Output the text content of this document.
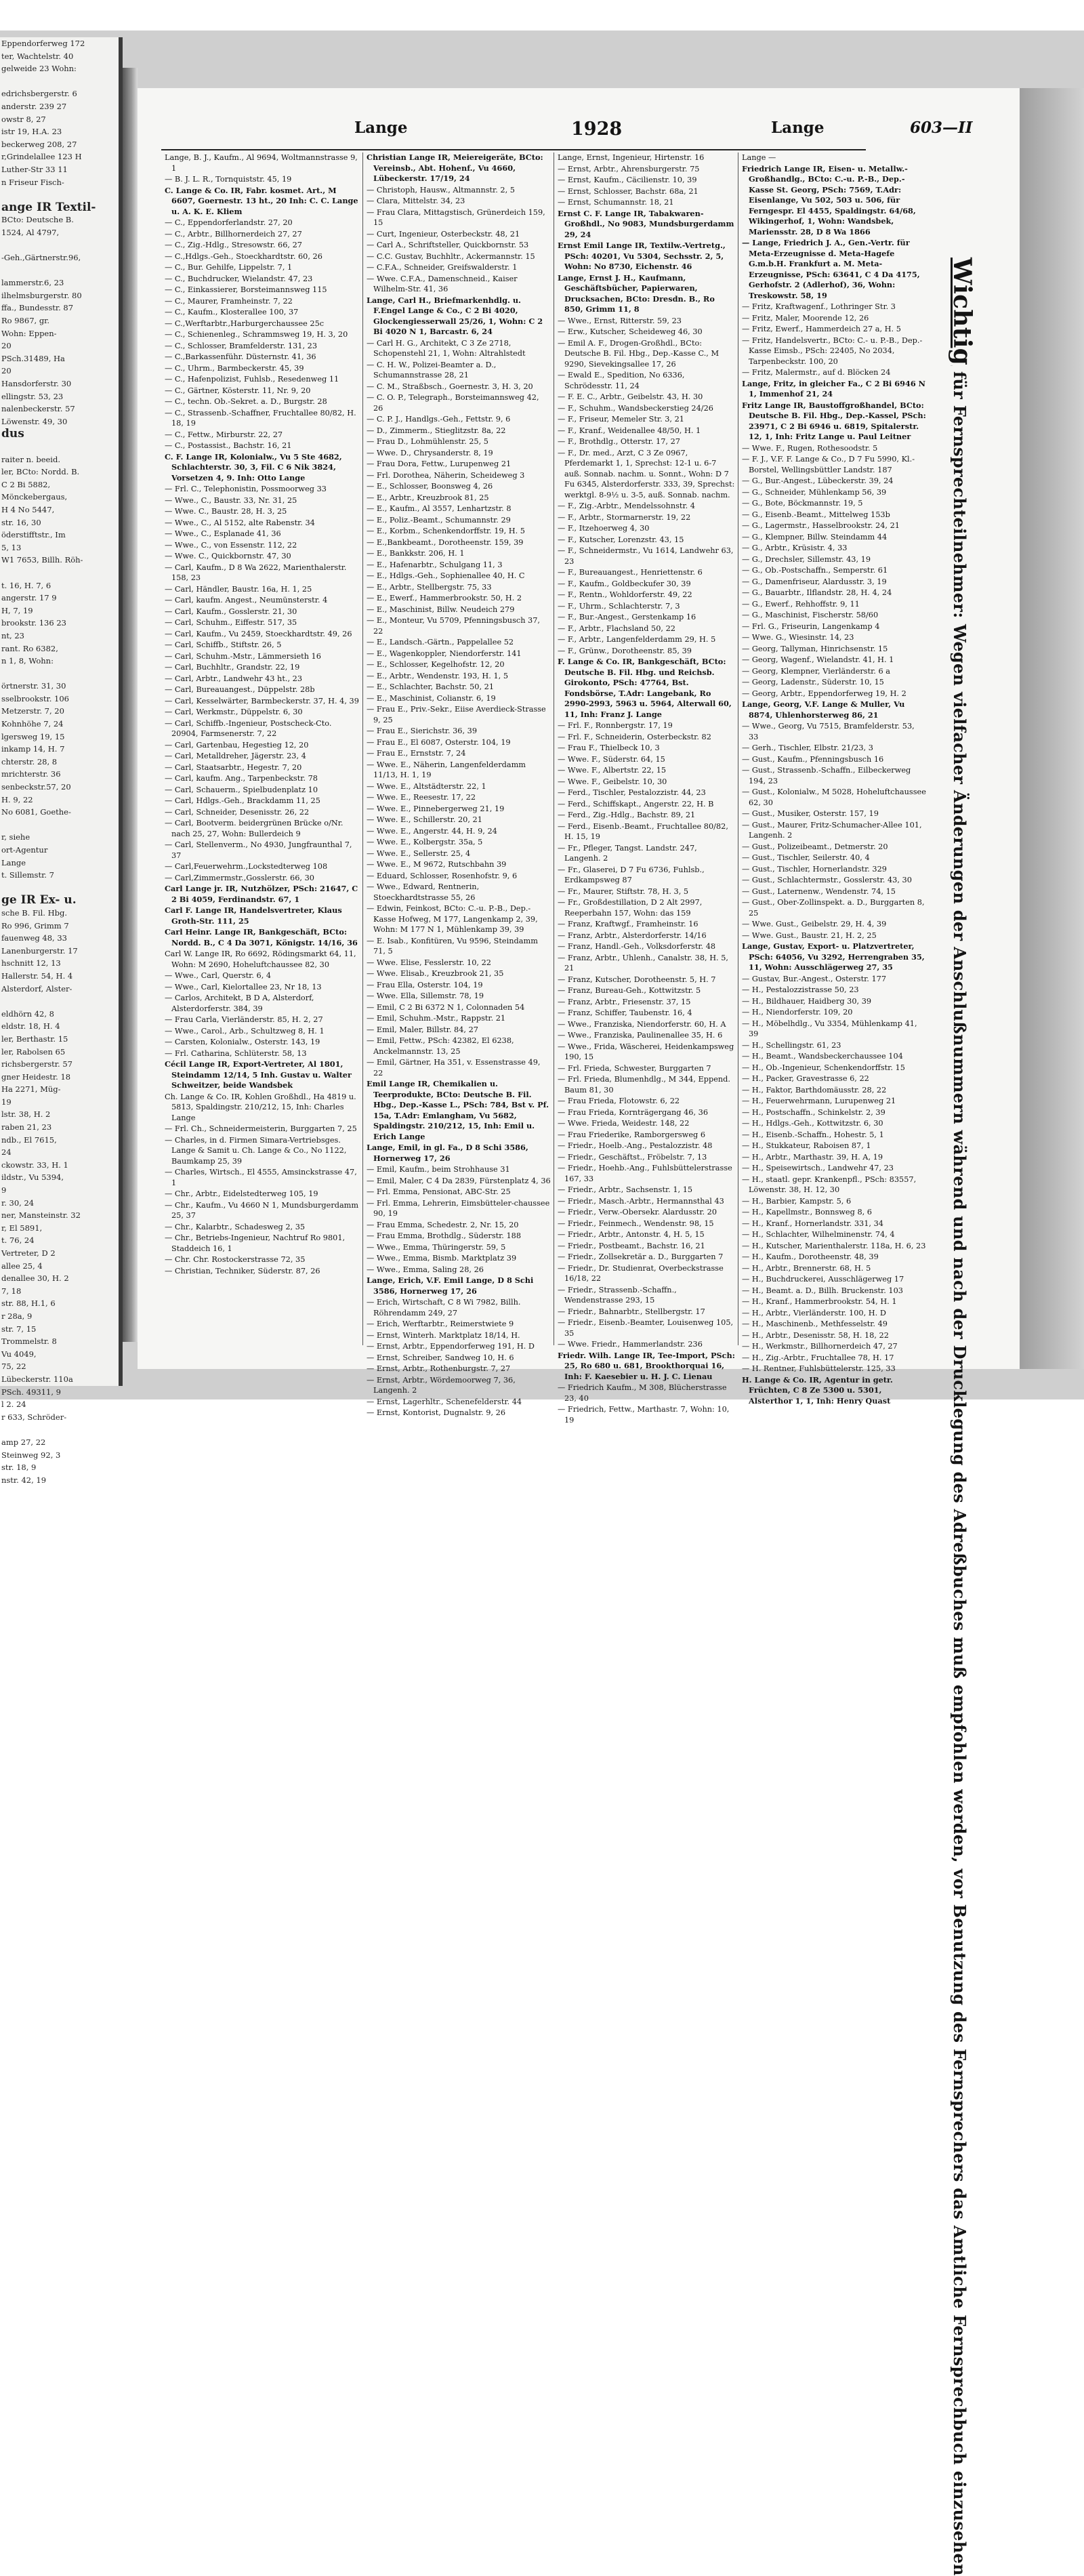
Eppendorferweg 172
ter, Wachtelstr. 40
gelweide 23 Wohn:

edrichsbergerstr. 6
anderstr. 239 27
owstr 8, 27
istr 19, H.A. 23
beckerweg 208, 27
r,Grindelallee 123 H
Luther-Str 33 11
n Friseur Fisch-

ange IR Textil-
BCto: Deutsche B.
1524, Al 4797,

-Geh.,Gärtnerstr.96,

lammerstr.6, 23
ilhelmsburgerstr. 80
ffa., Bundesstr. 87
Ro 9867, gr.
Wohn: Eppen-
20
PSch.31489, Ha
20
Hansdorferstr. 30
ellingstr. 53, 23
nalenbeckerstr. 57
Löwenstr. 49, 30
dus

raiter n. beeid.
ler, BCto: Nordd. B.
C 2 Bi 5882,
Mönckebergaus,
H 4 No 5447,
str. 16, 30
öderstifftstr., Im
5, 13
W1 7653, Billh. Röh-

t. 16, H. 7, 6
angerstr. 17 9
H, 7, 19
brookstr. 136 23
nt, 23
rant. Ro 6382,
n 1, 8, Wohn:

örtnerstr. 31, 30
sselbrookstr. 106
Metzerstr. 7, 20
Kohnhöhe 7, 24
lgersweg 19, 15
inkamp 14, H. 7
chterstr. 28, 8
mrichterstr. 36
senbeckstr.57, 20
H. 9, 22
No 6081, Goethe-

r, siehe
ort-Agentur
Lange
t. Sillemstr. 7

ge IR Ex- u.
sche B. Fil. Hbg.
Ro 996, Grimm 7
fauenweg 48, 33
Lanenburgerstr. 17
hschnitt 12, 13
Hallerstr. 54, H. 4
Alsterdorf, Alster-

eldhörn 42, 8
eldstr. 18, H. 4
ler, Berthastr. 15
ler, Rabolsen 65
richsbergerstr. 57
gner Heidestr. 18
Ha 2271, Müg-
19
lstr. 38, H. 2
raben 21, 23
ndb., El 7615,
24
ckowstr. 33, H. 1
ildstr., Vu 5394,
9
r. 30, 24
ner, Mansteinstr. 32
r, El 5891,
t. 76, 24
Vertreter, D 2
allee 25, 4
denallee 30, H. 2
7, 18
str. 88, H.1, 6
r 28a, 9
str. 7, 15
Trommelstr. 8
Vu 4049,
75, 22
Lübeckerstr. 110a
PSch. 49311, 9
l 2. 24
r 633, Schröder-

amp 27, 22
Steinweg 92, 3
str. 18, 9
nstr. 42, 19
Lange	1928	Lange	603—II
Lange, B. J., Kaufm., Al 9694, Woltmannstrasse 9, 1
— B. J. L. R., Tornquiststr. 45, 19
C. Lange & Co. IR, Fabr. kosmet. Art., M 6607, Goernestr. 13 ht., 20 Inh: C. C. Lange u. A. K. E. Kliem
— C., Eppendorferlandstr. 27, 20
— C., Arbtr., Billhornerdeich 27, 27
— C., Zig.-Hdlg., Stresowstr. 66, 27
— C.,Hdlgs.-Geh., Stoeckhardtstr. 60, 26
— C., Bur. Gehilfe, Lippelstr. 7, 1
— C., Buchdrucker, Wielandstr. 47, 23
— C., Einkassierer, Borsteimannsweg 115
— C., Maurer, Framheinstr. 7, 22
— C., Kaufm., Klosterallee 100, 37
— C.,Werftarbtr.,Harburgerchaussee 25c
— C., Schienenleg., Schrammsweg 19, H. 3, 20
— C., Schlosser, Bramfelderstr. 131, 23
— C.,Barkassenführ. Düsternstr. 41, 36
— C., Uhrm., Barmbeckerstr. 45, 39
— C., Hafenpolizist, Fuhlsb., Resedenweg 11
— C., Gärtner, Kösterstr. 11, Nr. 9, 20
— C., techn. Ob.-Sekret. a. D., Burgstr. 28
— C., Strassenb.-Schaffner, Fruchtallee 80/82, H. 18, 19
— C., Fettw., Mirburstr. 22, 27
— C., Postassist., Bachstr. 16, 21
C. F. Lange IR, Kolonialw., Vu 5 Ste 4682, Schlachterstr. 30, 3, Fil. C 6 Nik 3824, Vorsetzen 4, 9. Inh: Otto Lange
— Frl. C., Telephonistin, Possmoorweg 33
— Wwe., C., Baustr. 33, Nr. 31, 25
— Wwe. C., Baustr. 28, H. 3, 25
— Wwe., C., Al 5152, alte Rabenstr. 34
— Wwe., C., Esplanade 41, 36
— Wwe., C., von Essenstr. 112, 22
— Wwe. C., Quickbornstr. 47, 30
— Carl, Kaufm., D 8 Wa 2622, Marienthalerstr. 158, 23
— Carl, Händler, Baustr. 16a, H. 1, 25
— Carl, kaufm. Angest., Neumünsterstr. 4
— Carl, Kaufm., Gosslerstr. 21, 30
— Carl, Schuhm., Eiffestr. 517, 35
— Carl, Kaufm., Vu 2459, Stoeckhardtstr. 49, 26
— Carl, Schiffb., Stiftstr. 26, 5
— Carl, Schuhm.-Mstr., Lämmersieth 16
— Carl, Buchhltr., Grandstr. 22, 19
— Carl, Arbtr., Landwehr 43 ht., 23
— Carl, Bureauangest., Düppelstr. 28b
— Carl, Kesselwärter, Barmbeckerstr. 37, H. 4, 39
— Carl, Werkmstr., Düppelstr. 6, 30
— Carl, Schiffb.-Ingenieur, Postscheck-Cto. 20904, Farmsenerstr. 7, 22
— Carl, Gartenbau, Hegestieg 12, 20
— Carl, Metalldreher, Jägerstr. 23, 4
— Carl, Staatsarbtr., Hegestr. 7, 20
— Carl, kaufm. Ang., Tarpenbeckstr. 78
— Carl, Schauerm., Spielbudenplatz 10
— Carl, Hdlgs.-Geh., Brackdamm 11, 25
— Carl, Schneider, Desenisstr. 26, 22
— Carl, Bootverm. beidergrünen Brücke o/Nr. nach 25, 27, Wohn: Bullerdeich 9
— Carl, Stellenverm., No 4930, Jungfraunthal 7, 37
— Carl,Feuerwehrm.,Lockstedterweg 108
— Carl,Zimmermstr.,Gosslerstr. 66, 30
Carl Lange jr. IR, Nutzhölzer, PSch: 21647, C 2 Bi 4059, Ferdinandstr. 67, 1
Carl F. Lange IR, Handelsvertreter, Klaus Groth-Str. 111, 25
Carl Heinr. Lange IR, Bankgeschäft, BCto: Nordd. B., C 4 Da 3071, Königstr. 14/16, 36
Carl W. Lange IR, Ro 6692, Rödingsmarkt 64, 11, Wohn: M 2690, Hoheluftchaussee 82, 30
— Wwe., Carl, Querstr. 6, 4
— Wwe., Carl, Kielortallee 23, Nr 18, 13
— Carlos, Architekt, B D A, Alsterdorf, Alsterdorferstr. 384, 39
— Frau Carla, Vierländerstr. 85, H. 2, 27
— Wwe., Carol., Arb., Schultzweg 8, H. 1
— Carsten, Kolonialw., Osterstr. 143, 19
— Frl. Catharina, Schlüterstr. 58, 13
Cécil Lange IR, Export-Vertreter, Al 1801, Steindamm 12/14, 5 Inh. Gustav u. Walter Schweitzer, beide Wandsbek
Ch. Lange & Co. IR, Kohlen Großhdl., Ha 4819 u. 5813, Spaldingstr. 210/212, 15, Inh: Charles Lange
— Frl. Ch., Schneidermeisterin, Burggarten 7, 25
— Charles, in d. Firmen Simara-Vertriebsges. Lange & Samit u. Ch. Lange & Co., No 1122, Baumkamp 25, 39
— Charles, Wirtsch., El 4555, Amsinckstrasse 47, 1
— Chr., Arbtr., Eidelstedterweg 105, 19
— Chr., Kaufm., Vu 4660 N 1, Mundsburgerdamm 25, 37
— Chr., Kalarbtr., Schadesweg 2, 35
— Chr., Betriebs-Ingenieur, Nachtruf Ro 9801, Staddeich 16, 1
— Chr. Chr. Rostockerstrasse 72, 35
— Christian, Techniker, Süderstr. 87, 26
Christian Lange IR, Meiereigeräte, BCto: Vereinsb., Abt. Hohenf., Vu 4660, Lübeckerstr. 17/19, 24
— Christoph, Hausw., Altmannstr. 2, 5
— Clara, Mittelstr. 34, 23
— Frau Clara, Mittagstisch, Grünerdeich 159, 15
— Curt, Ingenieur, Osterbeckstr. 48, 21
— Carl A., Schriftsteller, Quickbornstr. 53
— C.C. Gustav, Buchhltr., Ackermannstr. 15
— C.F.A., Schneider, Greifswalderstr. 1
— Wwe. C.F.A., Damenschneid., Kaiser Wilhelm-Str. 41, 36
Lange, Carl H., Briefmarkenhdlg. u. F.Engel Lange & Co., C 2 Bi 4020, Glockengiesserwall 25/26, 1, Wohn: C 2 Bi 4020 N 1, Barcastr. 6, 24
— Carl H. G., Architekt, C 3 Ze 2718, Schopenstehl 21, 1, Wohn: Altrahlstedt
— C. H. W., Polizei-Beamter a. D., Schumannstrasse 28, 21
— C. M., Straßbsch., Goernestr. 3, H. 3, 20
— C. O. P., Telegraph., Borsteimannsweg 42, 26
— C. P. J., Handlgs.-Geh., Fettstr. 9, 6
— D., Zimmerm., Stieglitzstr. 8a, 22
— Frau D., Lohmühlenstr. 25, 5
— Wwe. D., Chrysanderstr. 8, 19
— Frau Dora, Fettw., Lurupenweg 21
— Frl. Dorothea, Näherin, Scheideweg 3
— E., Schlosser, Boonsweg 4, 26
— E., Arbtr., Kreuzbrook 81, 25
— E., Kaufm., Al 3557, Lenhartzstr. 8
— E., Poliz.-Beamt., Schumannstr. 29
— E., Korbm., Schenkendorffstr. 19, H. 5
— E.,Bankbeamt., Dorotheenstr. 159, 39
— E., Bankkstr. 206, H. 1
— E., Hafenarbtr., Schulgang 11, 3
— E., Hdlgs.-Geh., Sophienallee 40, H. C
— E., Arbtr., Stellbergstr. 75, 33
— E., Ewerf., Hammerbrookstr. 50, H. 2
— E., Maschinist, Billw. Neudeich 279
— E., Monteur, Vu 5709, Pfenningsbusch 37, 22
— E., Landsch.-Gärtn., Pappelallee 52
— E., Wagenkoppler, Niendorferstr. 141
— E., Schlosser, Kegelhofstr. 12, 20
— E., Arbtr., Wendenstr. 193, H. 1, 5
— E., Schlachter, Bachstr. 50, 21
— E., Maschinist, Colianstr. 6, 19
— Frau E., Priv.-Sekr., Eiise Averdieck-Strasse 9, 25
— Frau E., Sierichstr. 36, 39
— Frau E., El 6087, Osterstr. 104, 19
— Frau E., Ernststr. 7, 24
— Wwe. E., Näherin, Langenfelderdamm 11/13, H. 1, 19
— Wwe. E., Altstädterstr. 22, 1
— Wwe. E., Reesestr. 17, 22
— Wwe. E., Pinnebergerweg 21, 19
— Wwe. E., Schillerstr. 20, 21
— Wwe. E., Angerstr. 44, H. 9, 24
— Wwe. E., Kolbergstr. 35a, 5
— Wwe. E., Sellerstr. 25, 4
— Wwe. E., M 9672, Rutschbahn 39
— Eduard, Schlosser, Rosenhofstr. 9, 6
— Wwe., Edward, Rentnerin, Stoeckhardtstrasse 55, 26
— Edwin, Feinkost, BCto: C.-u. P.-B., Dep.-Kasse Hofweg, M 177, Langenkamp 2, 39, Wohn: M 177 N 1, Mühlenkamp 39, 39
— E. Isab., Konfitüren, Vu 9596, Steindamm 71, 5
— Wwe. Elise, Fesslerstr. 10, 22
— Wwe. Elisab., Kreuzbrook 21, 35
— Frau Ella, Osterstr. 104, 19
— Wwe. Ella, Sillemstr. 78, 19
— Emil, C 2 Bi 6372 N 1, Colonnaden 54
— Emil, Schuhm.-Mstr., Rappstr. 21
— Emil, Maler, Billstr. 84, 27
— Emil, Fettw., PSch: 42382, El 6238, Anckelmannstr. 13, 25
— Emil, Gärtner, Ha 351, v. Essenstrasse 49, 22
Emil Lange IR, Chemikalien u. Teerprodukte, BCto: Deutsche B. Fil. Hbg., Dep.-Kasse L., PSch: 784, Bst v. Pf. 15a, T.Adr: Emlangham, Vu 5682, Spaldingstr. 210/212, 15, Inh: Emil u. Erich Lange
Lange, Emil, in gl. Fa., D 8 Schi 3586, Hornerweg 17, 26
— Emil, Kaufm., beim Strohhause 31
— Emil, Maler, C 4 Da 2839, Fürstenplatz 4, 36
— Frl. Emma, Pensionat, ABC-Str. 25
— Frl. Emma, Lehrerin, Eimsbütteler-chaussee 90, 19
— Frau Emma, Schedestr. 2, Nr. 15, 20
— Frau Emma, Brothdlg., Süderstr. 188
— Wwe., Emma, Thüringerstr. 59, 5
— Wwe., Emma, Bismb. Marktplatz 39
— Wwe., Emma, Saling 28, 26
Lange, Erich, V.F. Emil Lange, D 8 Schi 3586, Hornerweg 17, 26
— Erich, Wirtschaft, C 8 Wi 7982, Billh. Röhrendamm 249, 27
— Erich, Werftarbtr., Reimerstwiete 9
— Ernst, Winterh. Marktplatz 18/14, H.
— Ernst, Arbtr., Eppendorferweg 191, H. D
— Ernst, Schreiber, Sandweg 10, H. 6
— Ernst, Arbtr., Rothenburgstr. 7, 27
— Ernst, Arbtr., Wördemoorweg 7, 36, Langenh. 2
— Ernst, Lagerhltr., Schenefelderstr. 44
— Ernst, Kontorist, Dugnalstr. 9, 26
Lange, Ernst, Ingenieur, Hirtenstr. 16
— Ernst, Arbtr., Ahrensburgerstr. 75
— Ernst, Kaufm., Cäcilienstr. 10, 39
— Ernst, Schlosser, Bachstr. 68a, 21
— Ernst, Schumannstr. 18, 21
Ernst C. F. Lange IR, Tabakwaren-Großhdl., No 9083, Mundsburgerdamm 29, 24
Ernst Emil Lange IR, Textilw.-Vertretg., PSch: 40201, Vu 5304, Sechsstr. 2, 5, Wohn: No 8730, Eichenstr. 46
Lange, Ernst J. H., Kaufmann, Geschäftsbücher, Papierwaren, Drucksachen, BCto: Dresdn. B., Ro 850, Grimm 11, 8
— Wwe., Ernst, Ritterstr. 59, 23
— Erw., Kutscher, Scheideweg 46, 30
— Emil A. F., Drogen-Großhdl., BCto: Deutsche B. Fil. Hbg., Dep.-Kasse C., M 9290, Sievekingsallee 17, 26
— Ewald E., Spedition, No 6336, Schrödesstr. 11, 24
— F. E. C., Arbtr., Geibelstr. 43, H. 30
— F., Schuhm., Wandsbeckerstieg 24/26
— F., Friseur, Memeler Str. 3, 21
— F., Kranf., Weidenallee 48/50, H. 1
— F., Brothdlg., Otterstr. 17, 27
— F., Dr. med., Arzt, C 3 Ze 0967, Pferdemarkt 1, 1, Sprechst: 12-1 u. 6-7 auß. Sonnab. nachm. u. Sonnt., Wohn: D 7 Fu 6345, Alsterdorferstr. 333, 39, Sprechst: werktgl. 8-9½ u. 3-5, auß. Sonnab. nachm.
— F., Zig.-Arbtr., Mendelssohnstr. 4
— F., Arbtr., Stormarnerstr. 19, 22
— F., Itzehoerweg 4, 30
— F., Kutscher, Lorenzstr. 43, 15
— F., Schneidermstr., Vu 1614, Landwehr 63, 23
— F., Bureauangest., Henriettenstr. 6
— F., Kaufm., Goldbeckufer 30, 39
— F., Rentn., Wohldorferstr. 49, 22
— F., Uhrm., Schlachterstr. 7, 3
— F., Bur.-Angest., Gerstenkamp 16
— F., Arbtr., Flachsland 50, 22
— F., Arbtr., Langenfelderdamm 29, H. 5
— F., Grünw., Dorotheenstr. 85, 39
F. Lange & Co. IR, Bankgeschäft, BCto: Deutsche B. Fil. Hbg. und Reichsb. Girokonto, PSch: 47764, Bst. Fondsbörse, T.Adr: Langebank, Ro 2990-2993, 5963 u. 5964, Alterwall 60, 11, Inh: Franz J. Lange
— Frl. F., Ronnbergstr. 17, 19
— Frl. F., Schneiderin, Osterbeckstr. 82
— Frau F., Thielbeck 10, 3
— Wwe. F., Süderstr. 64, 15
— Wwe. F., Albertstr. 22, 15
— Wwe. F., Geibelstr. 10, 30
— Ferd., Tischler, Pestalozzistr. 44, 23
— Ferd., Schiffskapt., Angerstr. 22, H. B
— Ferd., Zig.-Hdlg., Bachstr. 89, 21
— Ferd., Eisenb.-Beamt., Fruchtallee 80/82, H. 15, 19
— Fr., Pfleger, Tangst. Landstr. 247, Langenh. 2
— Fr., Glaserei, D 7 Fu 6736, Fuhlsb., Erdkampsweg 87
— Fr., Maurer, Stiftstr. 78, H. 3, 5
— Fr., Großdestillation, D 2 Alt 2997, Reeperbahn 157, Wohn: das 159
— Franz, Kraftwgf., Framheinstr. 16
— Franz, Arbtr., Alsterdorferstr. 14/16
— Franz, Handl.-Geh., Volksdorferstr. 48
— Franz, Arbtr., Uhlenh., Canalstr. 38, H. 5, 21
— Franz, Kutscher, Dorotheenstr. 5, H. 7
— Franz, Bureau-Geh., Kottwitzstr. 5
— Franz, Arbtr., Friesenstr. 37, 15
— Franz, Schiffer, Taubenstr. 16, 4
— Wwe., Franziska, Niendorferstr. 60, H. A
— Wwe., Franziska, Paulinenallee 35, H. 6
— Wwe., Frida, Wäscherei, Heidenkampsweg 190, 15
— Frl. Frieda, Schwester, Burggarten 7
— Frl. Frieda, Blumenhdlg., M 344, Eppend. Baum 81, 30
— Frau Frieda, Flotowstr. 6, 22
— Frau Frieda, Kornträgergang 46, 36
— Wwe. Frieda, Weidestr. 148, 22
— Frau Friederike, Ramborgersweg 6
— Friedr., Hoelb.-Ang., Pestalozzistr. 48
— Friedr., Geschäftst., Fröbelstr. 7, 13
— Friedr., Hoehb.-Ang., Fuhlsbüttelerstrasse 167, 33
— Friedr., Arbtr., Sachsenstr. 1, 15
— Friedr., Masch.-Arbtr., Hermannsthal 43
— Friedr., Verw.-Obersekr. Alardusstr. 20
— Friedr., Feinmech., Wendenstr. 98, 15
— Friedr., Arbtr., Antonstr. 4, H. 5, 15
— Friedr., Postbeamt., Bachstr. 16, 21
— Friedr., Zollsekretär a. D., Burggarten 7
— Friedr., Dr. Studienrat, Overbeckstrasse 16/18, 22
— Friedr., Strassenb.-Schaffn., Wendenstrasse 293, 15
— Friedr., Bahnarbtr., Stellbergstr. 17
— Friedr., Eisenb.-Beamter, Louisenweg 105, 35
— Wwe. Friedr., Hammerlandstr. 236
Friedr. Wilh. Lange IR, Tee-Import, PSch: 25, Ro 680 u. 681, Brookthorquai 16, Inh: F. Kaesebier u. H. J. C. Lienau
— Friedrich Kaufm., M 308, Blücherstrasse 23, 40
— Friedrich, Fettw., Marthastr. 7, Wohn: 10, 19
Lange —
Friedrich Lange IR, Eisen- u. Metallw.-Großhandlg., BCto: C.-u. P.-B., Dep.-Kasse St. Georg, PSch: 7569, T.Adr: Eisenlange, Vu 502, 503 u. 506, für Ferngespr. El 4455, Spaldingstr. 64/68, Wikingerhof, 1, Wohn: Wandsbek, Mariensstr. 28, D 8 Wa 1866
— Lange, Friedrich J. A., Gen.-Vertr. für Meta-Erzeugnisse d. Meta-Hagefe G.m.b.H. Frankfurt a. M. Meta-Erzeugnisse, PSch: 63641, C 4 Da 4175, Gerhofstr. 2 (Adlerhof), 36, Wohn: Treskowstr. 58, 19
— Fritz, Kraftwagenf., Lothringer Str. 3
— Fritz, Maler, Moorende 12, 26
— Fritz, Ewerf., Hammerdeich 27 a, H. 5
— Fritz, Handelsvertr., BCto: C.- u. P.-B., Dep.-Kasse Eimsb., PSch: 22405, No 2034, Tarpenbeckstr. 100, 20
— Fritz, Malermstr., auf d. Blöcken 24
Lange, Fritz, in gleicher Fa., C 2 Bi 6946 N 1, Immenhof 21, 24
Fritz Lange IR, Baustoffgroßhandel, BCto: Deutsche B. Fil. Hbg., Dep.-Kassel, PSch: 23971, C 2 Bi 6946 u. 6819, Spitalerstr. 12, 1, Inh: Fritz Lange u. Paul Leitner
— Wwe. F., Rugen, Rothesoodstr. 5
— F. J., V.F. F. Lange & Co., D 7 Fu 5990, Kl.-Borstel, Wellingsbüttler Landstr. 187
— G., Bur.-Angest., Lübeckerstr. 39, 24
— G., Schneider, Mühlenkamp 56, 39
— G., Bote, Böckmannstr. 19, 5
— G., Eisenb.-Beamt., Mittelweg 153b
— G., Lagermstr., Hasselbrookstr. 24, 21
— G., Klempner, Billw. Steindamm 44
— G., Arbtr., Krüsistr. 4, 33
— G., Drechsler, Sillemstr. 43, 19
— G., Ob.-Postschaffn., Semperstr. 61
— G., Damenfriseur, Alardusstr. 3, 19
— G., Bauarbtr., Ilflandstr. 28, H. 4, 24
— G., Ewerf., Rehhoffstr. 9, 11
— G., Maschinist, Fischerstr. 58/60
— Frl. G., Friseurin, Langenkamp 4
— Wwe. G., Wiesinstr. 14, 23
— Georg, Tallyman, Hinrichsenstr. 15
— Georg, Wagenf., Wielandstr. 41, H. 1
— Georg, Klempner, Vierländerstr. 6 a
— Georg, Ladenstr., Süderstr. 10, 15
— Georg, Arbtr., Eppendorferweg 19, H. 2
Lange, Georg, V.F. Lange & Muller, Vu 8874, Uhlenhorsterweg 86, 21
— Wwe., Georg, Vu 7515, Bramfelderstr. 53, 33
— Gerh., Tischler, Elbstr. 21/23, 3
— Gust., Kaufm., Pfenningsbusch 16
— Gust., Strassenb.-Schaffn., Eilbeckerweg 194, 23
— Gust., Kolonialw., M 5028, Hoheluftchaussee 62, 30
— Gust., Musiker, Osterstr. 157, 19
— Gust., Maurer, Fritz-Schumacher-Allee 101, Langenh. 2
— Gust., Polizeibeamt., Detmerstr. 20
— Gust., Tischler, Seilerstr. 40, 4
— Gust., Tischler, Hornerlandstr. 329
— Gust., Schlachtermstr., Gosslerstr. 43, 30
— Gust., Laternenw., Wendenstr. 74, 15
— Gust., Ober-Zollinspekt. a. D., Burggarten 8, 25
— Wwe. Gust., Geibelstr. 29, H. 4, 39
— Wwe. Gust., Baustr. 21, H. 2, 25
Lange, Gustav, Export- u. Platzvertreter, PSch: 64056, Vu 3292, Herrengraben 35, 11, Wohn: Ausschlägerweg 27, 35
— Gustav, Bur.-Angest., Osterstr. 177
— H., Pestalozzistrasse 50, 23
— H., Bildhauer, Haidberg 30, 39
— H., Niendorferstr. 109, 20
— H., Möbelhdlg., Vu 3354, Mühlenkamp 41, 39
— H., Schellingstr. 61, 23
— H., Beamt., Wandsbeckerchaussee 104
— H., Ob.-Ingenieur, Schenkendorffstr. 15
— H., Packer, Gravestrasse 6, 22
— H., Faktor, Barthdomäusstr. 28, 22
— H., Feuerwehrmann, Lurupenweg 21
— H., Postschaffn., Schinkelstr. 2, 39
— H., Hdlgs.-Geh., Kottwitzstr. 6, 30
— H., Eisenb.-Schaffn., Hohestr. 5, 1
— H., Stukkateur, Raboisen 87, 1
— H., Arbtr., Marthastr. 39, H. A, 19
— H., Speisewirtsch., Landwehr 47, 23
— H., staatl. gepr. Krankenpfl., PSch: 83557, Löwenstr. 38, H. 12, 30
— H., Barbier, Kampstr. 5, 6
— H., Kapellmstr., Bonnsweg 8, 6
— H., Kranf., Hornerlandstr. 331, 34
— H., Schlachter, Wilhelminenstr. 74, 4
— H., Kutscher, Marienthalerstr. 118a, H. 6, 23
— H., Kaufm., Dorotheenstr. 48, 39
— H., Arbtr., Brennerstr. 68, H. 5
— H., Buchdruckerei, Ausschlägerweg 17
— H., Beamt. a. D., Billh. Bruckenstr. 103
— H., Kranf., Hammerbrookstr. 54, H. 1
— H., Arbtr., Vierländerstr. 100, H. D
— H., Maschinenb., Methfesselstr. 49
— H., Arbtr., Desenisstr. 58, H. 18, 22
— H., Werkmstr., Billhornerdeich 47, 27
— H., Zig.-Arbtr., Fruchtallee 78, H. 17
— H. Rentner, Fuhlsbüttelerstr. 125, 33
H. Lange & Co. IR, Agentur in getr. Früchten, C 8 Ze 5300 u. 5301, Alsterthor 1, 1, Inh: Henry Quast
Wichtig für Fernsprechteilnehmer: Wegen vielfacher Änderungen der Anschlußnummern während und nach der Drucklegung des Adreßbuches muß empfohlen werden, vor Benutzung des Fernsprechers das Amtliche Fernsprechbuch einzusehen
